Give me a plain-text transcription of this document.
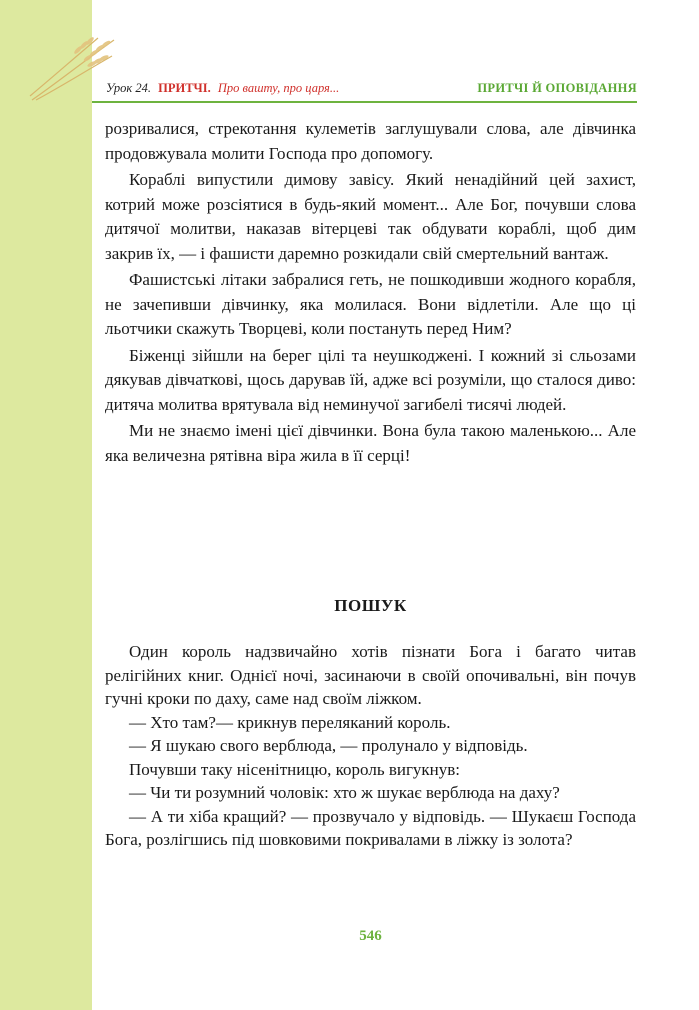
Урок 24. ПРИТЧІ. Про вашту, про царя...	ПРИТЧІ Й ОПОВІДАННЯ

розривалися, стрекотання кулеметів заглушували слова, але дівчинка продовжувала молити Господа про допомогу.

Кораблі випустили димову завісу. Який ненадійний цей захист, котрий може розсіятися в будь-який момент... Але Бог, почувши слова дитячої молитви, наказав вітерцеві так обдувати кораблі, щоб дим закрив їх, — і фашисти даремно розкидали свій смертельний вантаж.

Фашистські літаки забралися геть, не пошкодивши жодного корабля, не зачепивши дівчинку, яка молилася. Вони відлетіли. Але що ці льотчики скажуть Творцеві, коли постануть перед Ним?

Біженці зійшли на берег цілі та неушкоджені. І кожний зі сльозами дякував дівчаткові, щось дарував їй, адже всі розуміли, що сталося диво: дитяча молитва врятувала від неминучої загибелі тисячі людей.

Ми не знаємо імені цієї дівчинки. Вона була такою маленькою... Але яка величезна рятівна віра жила в її серці!

ПОШУК

Один король надзвичайно хотів пізнати Бога і багато читав релігійних книг. Однієї ночі, засинаючи в своїй опочивальні, він почув гучні кроки по даху, саме над своїм ліжком.

— Хто там?— крикнув переляканий король.

— Я шукаю свого верблюда, — пролунало у відповідь.

Почувши таку нісенітницю, король вигукнув:

— Чи ти розумний чоловік: хто ж шукає верблюда на даху?

— А ти хіба кращий? — прозвучало у відповідь. — Шукаєш Господа Бога, розлігшись під шовковими покривалами в ліжку із золота?

546
